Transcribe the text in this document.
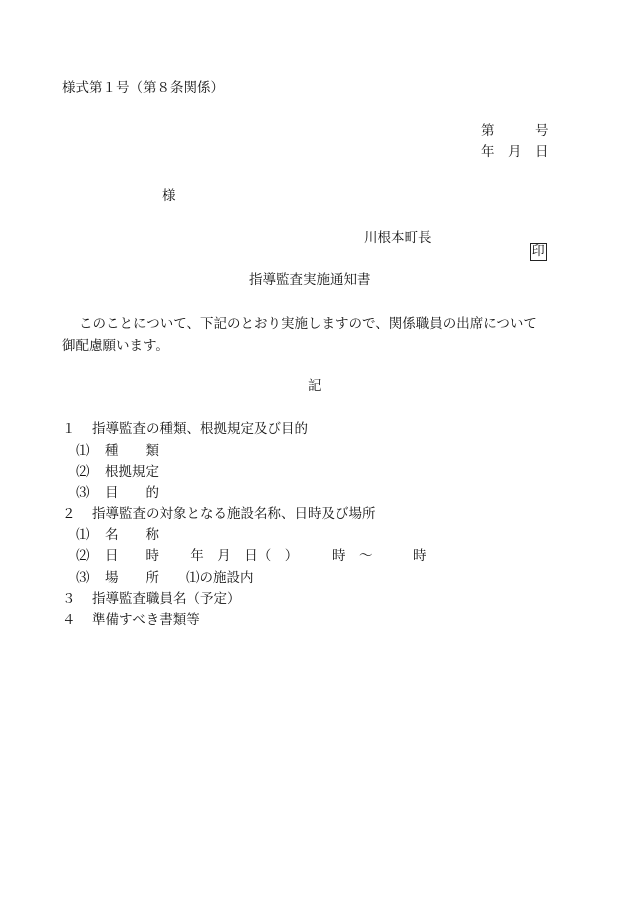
様式第１号（第８条関係）
第　　　号
年　月　日
様
川根本町長

印

指導監査実施通知書
このことについて、下記のとおり実施しますので、関係職員の出席について
御配慮願います。
記
１ 指導監査の種類、根拠規定及び目的
⑴ 種　　類
⑵ 根拠規定
⑶ 目　　的
２ 指導監査の対象となる施設名称、日時及び場所
⑴ 名　　称
⑵ 日　　時　　 年　月　日（　）　　　時　～　　　時
⑶ 場　　所　　⑴の施設内
３ 指導監査職員名（予定）
４ 準備すべき書類等
